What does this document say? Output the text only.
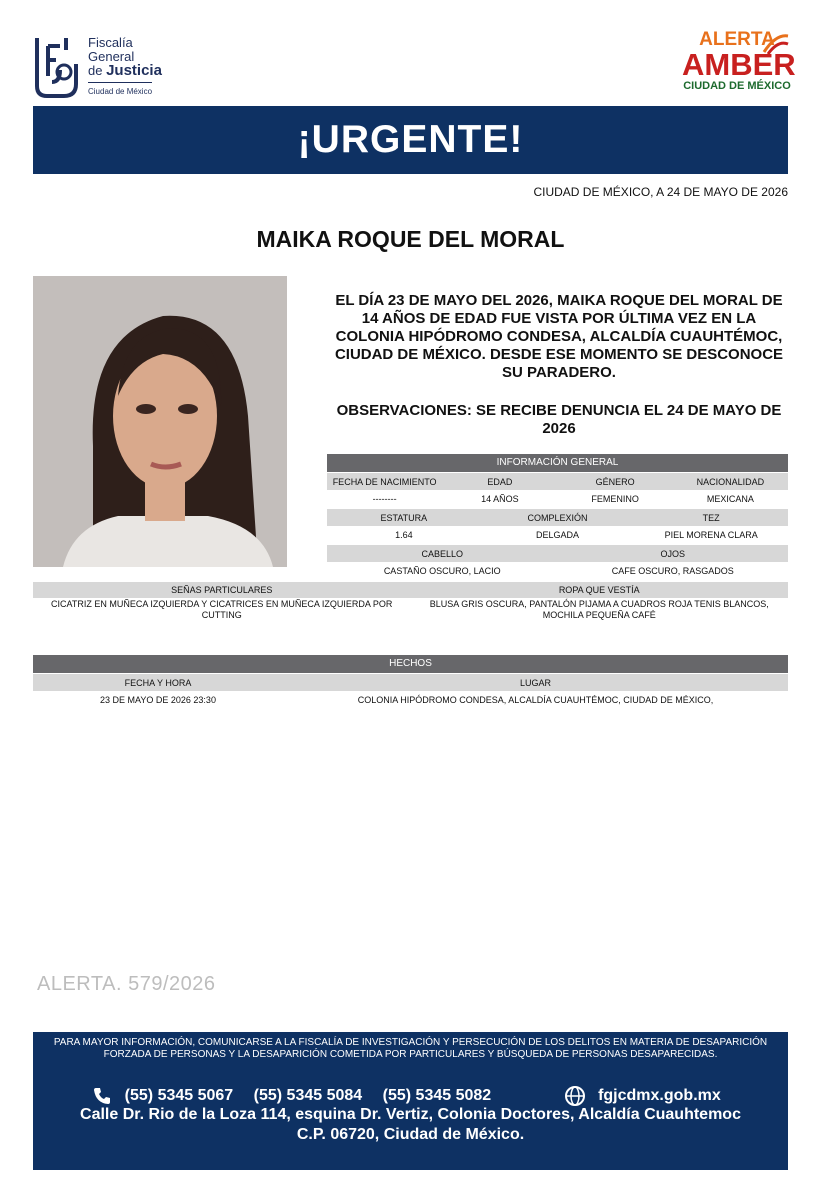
Fiscalía
General
de Justicia
Ciudad de México
ALERTA
AMBER
CIUDAD DE MÉXICO
¡URGENTE!
CIUDAD DE MÉXICO, A 24 DE MAYO DE 2026
MAIKA ROQUE DEL MORAL
EL DÍA 23 DE MAYO DEL 2026, MAIKA ROQUE DEL MORAL DE 14 AÑOS DE EDAD FUE VISTA POR ÚLTIMA VEZ EN LA COLONIA HIPÓDROMO CONDESA, ALCALDÍA CUAUHTÉMOC, CIUDAD DE MÉXICO. DESDE ESE MOMENTO SE DESCONOCE SU PARADERO.
OBSERVACIONES: SE RECIBE DENUNCIA EL 24 DE MAYO DE 2026
INFORMACIÓN GENERAL
FECHA DE NACIMIENTO	EDAD	GÉNERO	NACIONALIDAD
--------	14 AÑOS	FEMENINO	MEXICANA
ESTATURA	COMPLEXIÓN	TEZ
1.64	DELGADA	PIEL MORENA CLARA
CABELLO	OJOS
CASTAÑO OSCURO, LACIO	CAFE OSCURO, RASGADOS
SEÑAS PARTICULARES	ROPA QUE VESTÍA
CICATRIZ EN MUÑECA IZQUIERDA Y CICATRICES EN MUÑECA IZQUIERDA POR CUTTING
BLUSA GRIS OSCURA, PANTALÓN PIJAMA A CUADROS ROJA TENIS BLANCOS, MOCHILA PEQUEÑA CAFÉ
HECHOS
FECHA Y HORA	LUGAR
23 DE MAYO DE 2026 23:30	COLONIA HIPÓDROMO CONDESA, ALCALDÍA CUAUHTÉMOC, CIUDAD DE MÉXICO,
ALERTA. 579/2026
PARA MAYOR INFORMACIÓN, COMUNICARSE A LA FISCALÍA DE INVESTIGACIÓN Y PERSECUCIÓN DE LOS DELITOS EN MATERIA DE DESAPARICIÓN FORZADA DE PERSONAS Y LA DESAPARICIÓN COMETIDA POR PARTICULARES Y BÚSQUEDA DE PERSONAS DESAPARECIDAS.
(55) 5345 5067 (55) 5345 5084 (55) 5345 5082	fgjcdmx.gob.mx
Calle Dr. Rio de la Loza 114, esquina Dr. Vertiz, Colonia Doctores, Alcaldía Cuauhtemoc
C.P. 06720, Ciudad de México.
